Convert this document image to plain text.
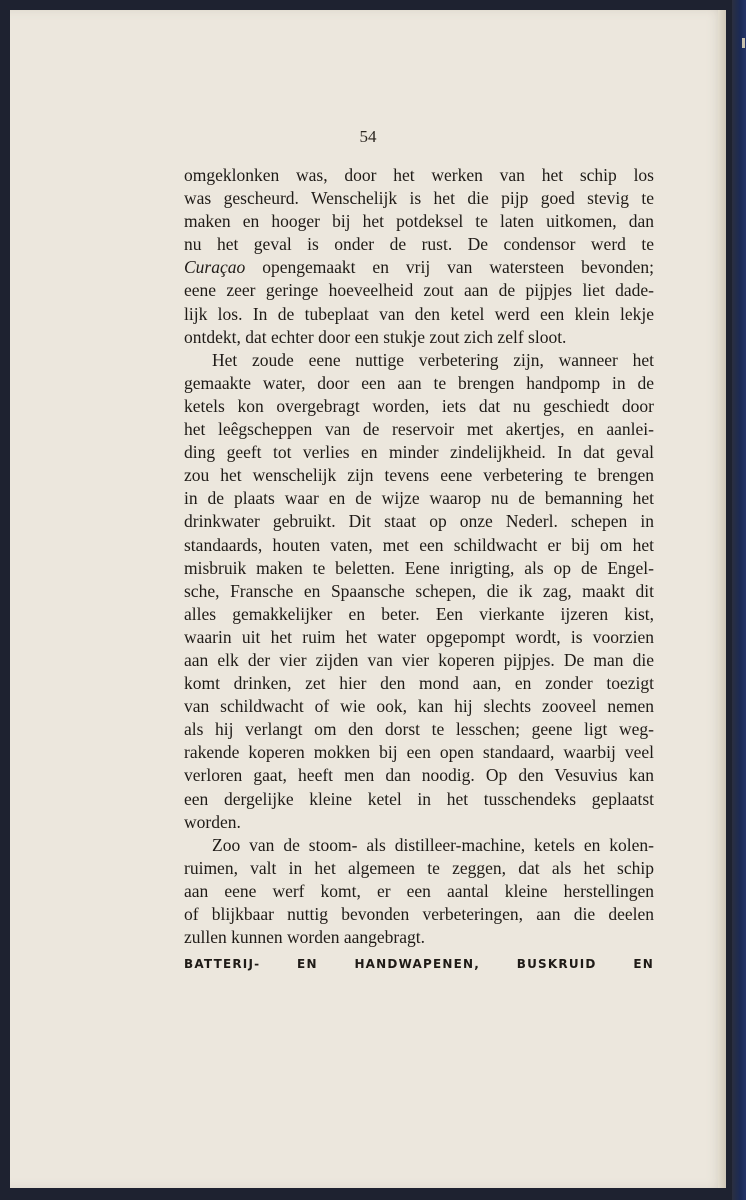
54
omgeklonken was, door het werken van het schip los
was gescheurd. Wenschelijk is het die pijp goed stevig te
maken en hooger bij het potdeksel te laten uitkomen, dan
nu het geval is onder de rust. De condensor werd te
Curaçao opengemaakt en vrij van watersteen bevonden;
eene zeer geringe hoeveelheid zout aan de pijpjes liet dade-
lijk los. In de tubeplaat van den ketel werd een klein lekje
ontdekt, dat echter door een stukje zout zich zelf sloot.
Het zoude eene nuttige verbetering zijn, wanneer het
gemaakte water, door een aan te brengen handpomp in de
ketels kon overgebragt worden, iets dat nu geschiedt door
het leêgscheppen van de reservoir met akertjes, en aanlei-
ding geeft tot verlies en minder zindelijkheid. In dat geval
zou het wenschelijk zijn tevens eene verbetering te brengen
in de plaats waar en de wijze waarop nu de bemanning het
drinkwater gebruikt. Dit staat op onze Nederl. schepen in
standaards, houten vaten, met een schildwacht er bij om het
misbruik maken te beletten. Eene inrigting, als op de Engel-
sche, Fransche en Spaansche schepen, die ik zag, maakt dit
alles gemakkelijker en beter. Een vierkante ijzeren kist,
waarin uit het ruim het water opgepompt wordt, is voorzien
aan elk der vier zijden van vier koperen pijpjes. De man die
komt drinken, zet hier den mond aan, en zonder toezigt
van schildwacht of wie ook, kan hij slechts zooveel nemen
als hij verlangt om den dorst te lesschen; geene ligt weg-
rakende koperen mokken bij een open standaard, waarbij veel
verloren gaat, heeft men dan noodig. Op den Vesuvius kan
een dergelijke kleine ketel in het tusschendeks geplaatst
worden.
Zoo van de stoom- als distilleer-machine, ketels en kolen-
ruimen, valt in het algemeen te zeggen, dat als het schip
aan eene werf komt, er een aantal kleine herstellingen
of blijkbaar nuttig bevonden verbeteringen, aan die deelen
zullen kunnen worden aangebragt.
BATTERIJ-	EN	HANDWAPENEN,	BUSKRUID	EN
